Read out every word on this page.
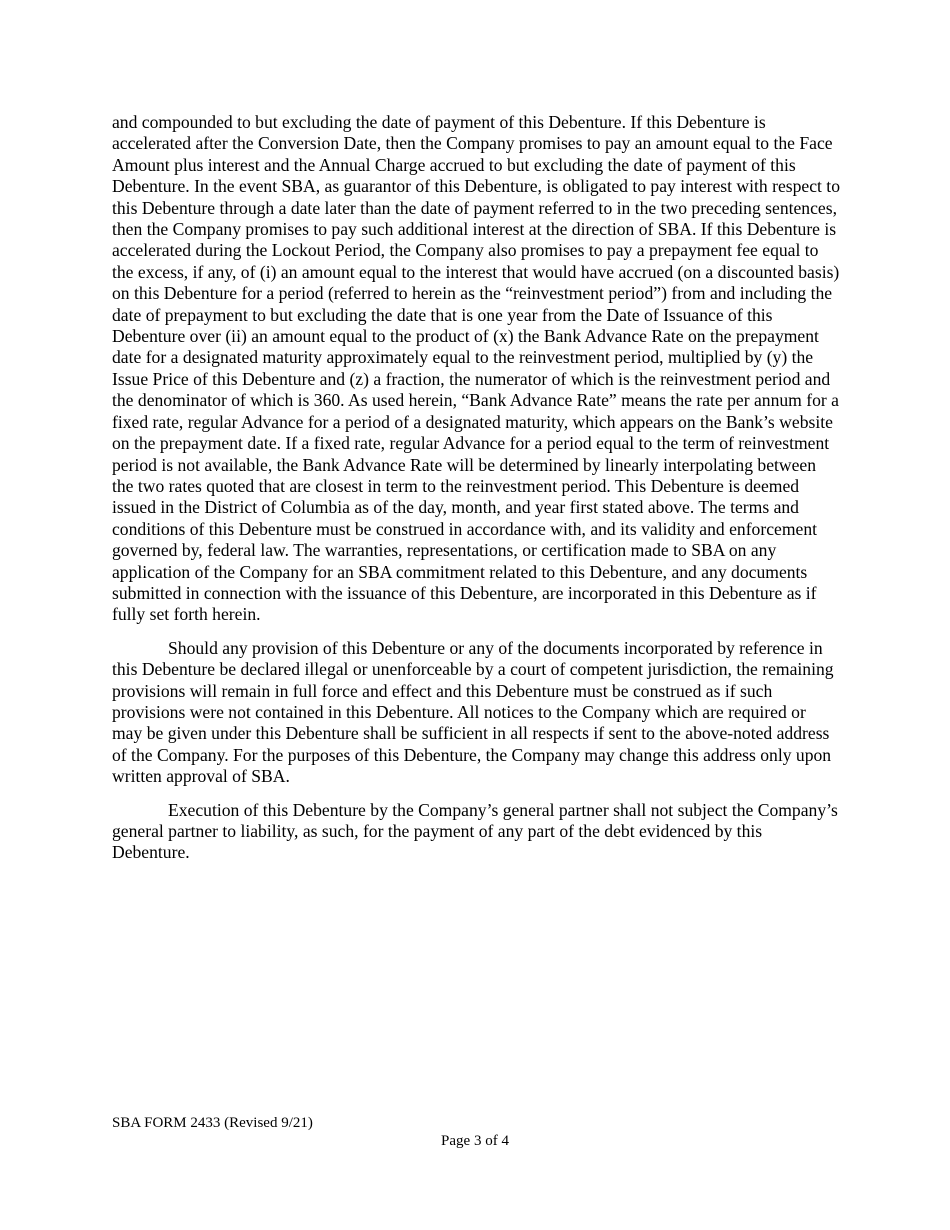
and compounded to but excluding the date of payment of this Debenture. If this Debenture is accelerated after the Conversion Date, then the Company promises to pay an amount equal to the Face Amount plus interest and the Annual Charge accrued to but excluding the date of payment of this Debenture. In the event SBA, as guarantor of this Debenture, is obligated to pay interest with respect to this Debenture through a date later than the date of payment referred to in the two preceding sentences, then the Company promises to pay such additional interest at the direction of SBA. If this Debenture is accelerated during the Lockout Period, the Company also promises to pay a prepayment fee equal to the excess, if any, of (i) an amount equal to the interest that would have accrued (on a discounted basis) on this Debenture for a period (referred to herein as the “reinvestment period”) from and including the date of prepayment to but excluding the date that is one year from the Date of Issuance of this Debenture over (ii) an amount equal to the product of (x) the Bank Advance Rate on the prepayment date for a designated maturity approximately equal to the reinvestment period, multiplied by (y) the Issue Price of this Debenture and (z) a fraction, the numerator of which is the reinvestment period and the denominator of which is 360. As used herein, “Bank Advance Rate” means the rate per annum for a fixed rate, regular Advance for a period of a designated maturity, which appears on the Bank’s website on the prepayment date. If a fixed rate, regular Advance for a period equal to the term of reinvestment period is not available, the Bank Advance Rate will be determined by linearly interpolating between the two rates quoted that are closest in term to the reinvestment period. This Debenture is deemed issued in the District of Columbia as of the day, month, and year first stated above. The terms and conditions of this Debenture must be construed in accordance with, and its validity and enforcement governed by, federal law. The warranties, representations, or certification made to SBA on any application of the Company for an SBA commitment related to this Debenture, and any documents submitted in connection with the issuance of this Debenture, are incorporated in this Debenture as if fully set forth herein.

Should any provision of this Debenture or any of the documents incorporated by reference in this Debenture be declared illegal or unenforceable by a court of competent jurisdiction, the remaining provisions will remain in full force and effect and this Debenture must be construed as if such provisions were not contained in this Debenture. All notices to the Company which are required or may be given under this Debenture shall be sufficient in all respects if sent to the above-noted address of the Company. For the purposes of this Debenture, the Company may change this address only upon written approval of SBA.

Execution of this Debenture by the Company’s general partner shall not subject the Company’s general partner to liability, as such, for the payment of any part of the debt evidenced by this Debenture.

SBA FORM 2433 (Revised 9/21)
Page 3 of 4
